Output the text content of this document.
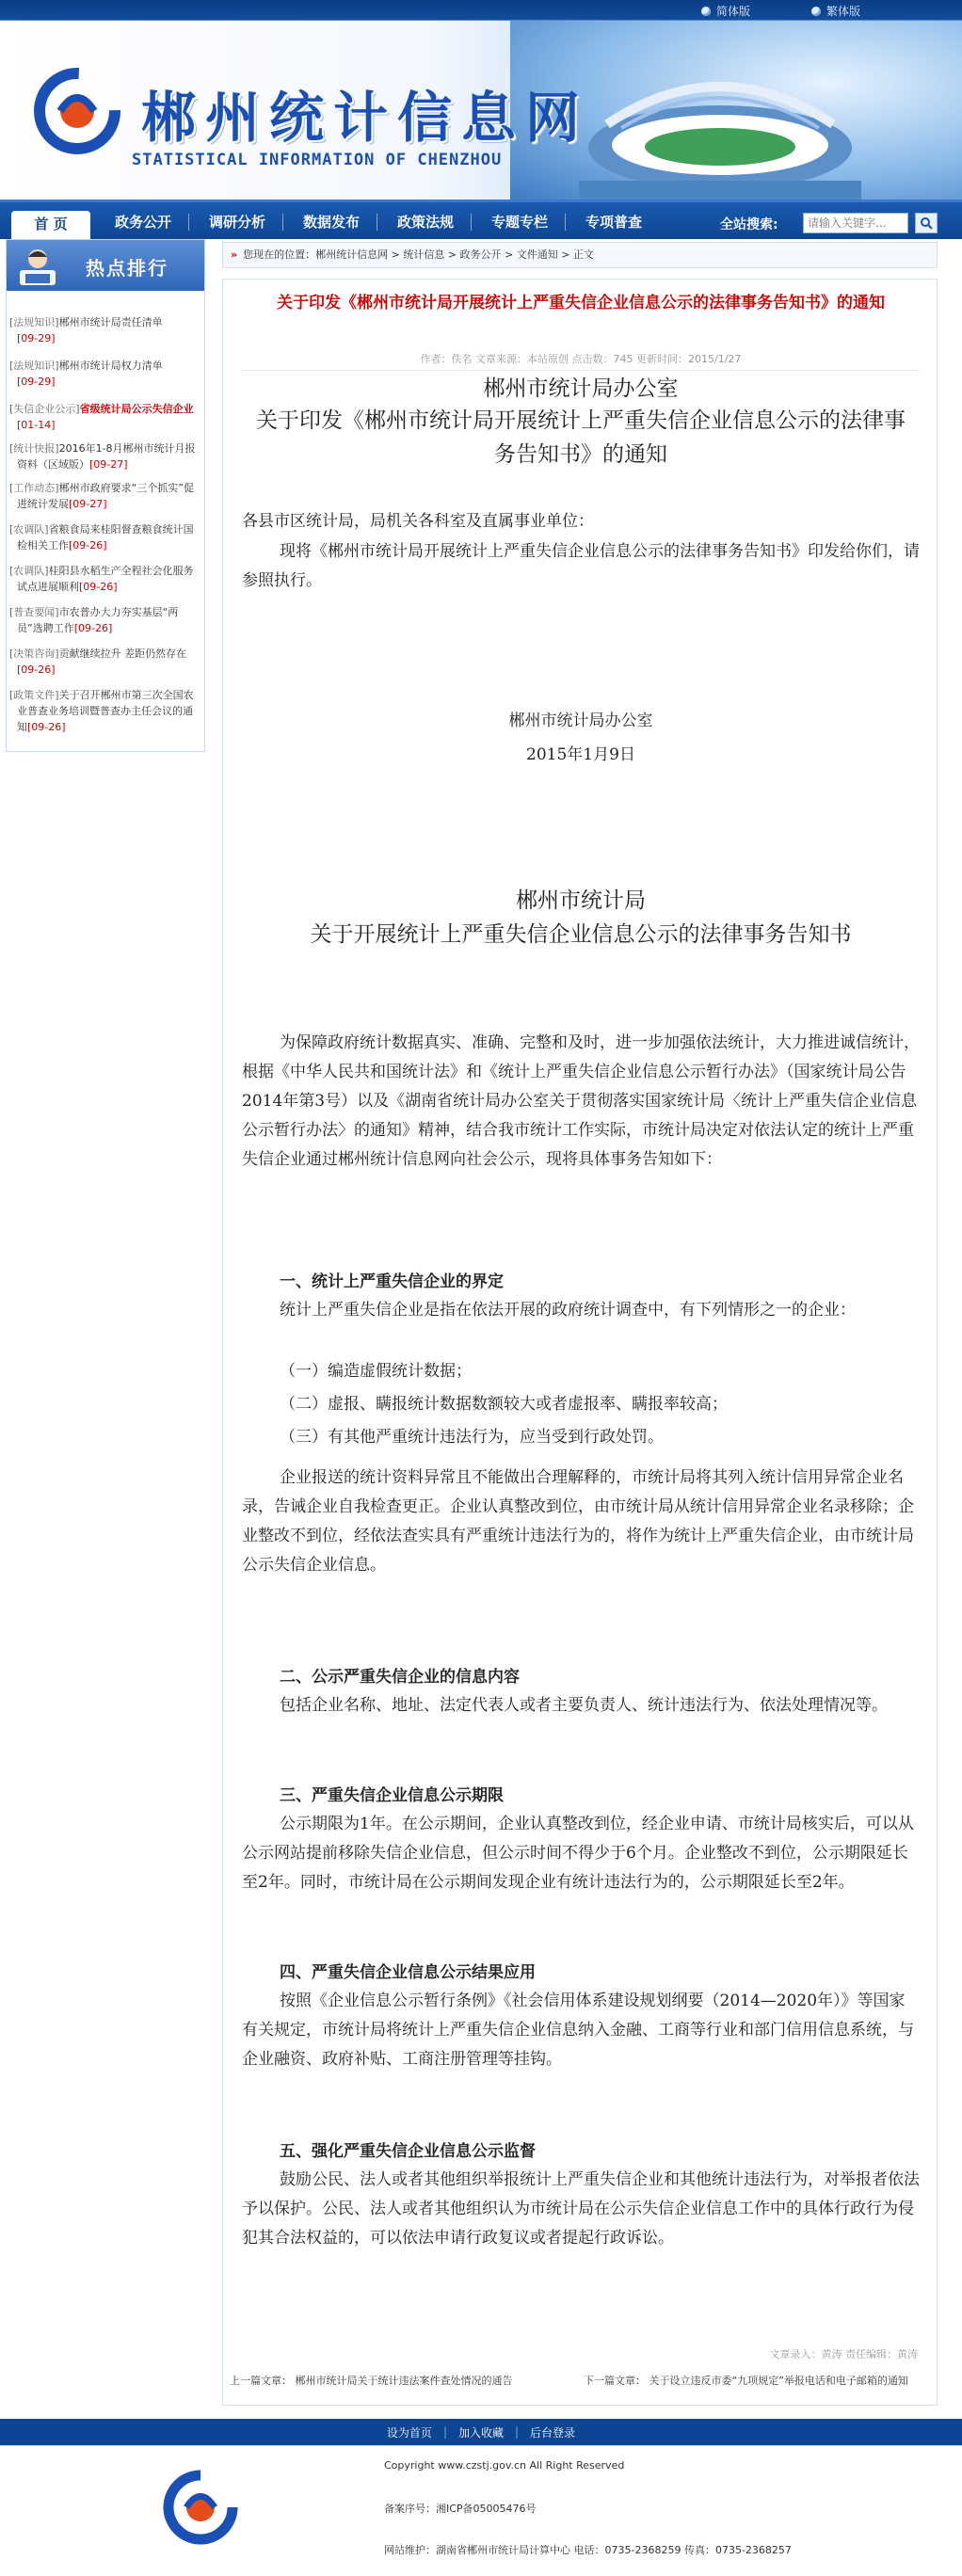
简体版	繁体版
郴州统计信息网
STATISTICAL INFORMATION OF CHENZHOU
首 页	政务公开	调研分析	数据发布	政策法规	专题专栏	专项普查	全站搜索:
请输入关键字...
热点排行
[法规知识]郴州市统计局责任清单
[09-29]
[法规知识]郴州市统计局权力清单
[09-29]
[失信企业公示]省级统计局公示失信企业[01-14]
[统计快报]2016年1-8月郴州市统计月报资料（区域版）[09-27]
[工作动态]郴州市政府要求“三个抓实”促进统计发展[09-27]
[农调队]省粮食局来桂阳督查粮食统计国检相关工作[09-26]
[农调队]桂阳县水稻生产全程社会化服务试点进展顺利[09-26]
[普查要闻]市农普办大力夯实基层“两员”选聘工作[09-26]
[决策咨询]贡献继续拉升 差距仍然存在[09-26]
[政策文件]关于召开郴州市第三次全国农业普查业务培训暨普查办主任会议的通知[09-26]
» 您现在的位置：郴州统计信息网 > 统计信息 > 政务公开 > 文件通知 > 正文
关于印发《郴州市统计局开展统计上严重失信企业信息公示的法律事务告知书》的通知
作者：佚名 文章来源：本站原创 点击数：745 更新时间：2015/1/27
郴州市统计局办公室
关于印发《郴州市统计局开展统计上严重失信企业信息公示的法律事务告知书》的通知
各县市区统计局，局机关各科室及直属事业单位：
现将《郴州市统计局开展统计上严重失信企业信息公示的法律事务告知书》印发给你们，请参照执行。
郴州市统计局办公室
2015年1月9日
郴州市统计局
关于开展统计上严重失信企业信息公示的法律事务告知书
为保障政府统计数据真实、准确、完整和及时，进一步加强依法统计，大力推进诚信统计，根据《中华人民共和国统计法》和《统计上严重失信企业信息公示暂行办法》（国家统计局公告2014年第3号）以及《湖南省统计局办公室关于贯彻落实国家统计局〈统计上严重失信企业信息公示暂行办法〉的通知》精神，结合我市统计工作实际，市统计局决定对依法认定的统计上严重失信企业通过郴州统计信息网向社会公示，现将具体事务告知如下：
一、统计上严重失信企业的界定
统计上严重失信企业是指在依法开展的政府统计调查中，有下列情形之一的企业：
（一）编造虚假统计数据；
（二）虚报、瞒报统计数据数额较大或者虚报率、瞒报率较高；
（三）有其他严重统计违法行为，应当受到行政处罚。
企业报送的统计资料异常且不能做出合理解释的，市统计局将其列入统计信用异常企业名录，告诫企业自我检查更正。企业认真整改到位，由市统计局从统计信用异常企业名录移除；企业整改不到位，经依法查实具有严重统计违法行为的，将作为统计上严重失信企业，由市统计局公示失信企业信息。
二、公示严重失信企业的信息内容
包括企业名称、地址、法定代表人或者主要负责人、统计违法行为、依法处理情况等。
三、严重失信企业信息公示期限
公示期限为1年。在公示期间，企业认真整改到位，经企业申请、市统计局核实后，可以从公示网站提前移除失信企业信息，但公示时间不得少于6个月。企业整改不到位，公示期限延长至2年。同时，市统计局在公示期间发现企业有统计违法行为的，公示期限延长至2年。
四、严重失信企业信息公示结果应用
按照《企业信息公示暂行条例》《社会信用体系建设规划纲要（2014—2020年）》等国家有关规定，市统计局将统计上严重失信企业信息纳入金融、工商等行业和部门信用信息系统，与企业融资、政府补贴、工商注册管理等挂钩。
五、强化严重失信企业信息公示监督
鼓励公民、法人或者其他组织举报统计上严重失信企业和其他统计违法行为，对举报者依法予以保护。公民、法人或者其他组织认为市统计局在公示失信企业信息工作中的具体行政行为侵犯其合法权益的，可以依法申请行政复议或者提起行政诉讼。
文章录入：黄涛 责任编辑：黄涛
上一篇文章： 郴州市统计局关于统计违法案件查处情况的通告	下一篇文章： 关于设立违反市委“九项规定”举报电话和电子邮箱的通知
设为首页 | 加入收藏 | 后台登录
Copyright www.czstj.gov.cn All Right Reserved
备案序号：湘ICP备05005476号
网站维护：湖南省郴州市统计局计算中心 电话：0735-2368259 传真：0735-2368257
